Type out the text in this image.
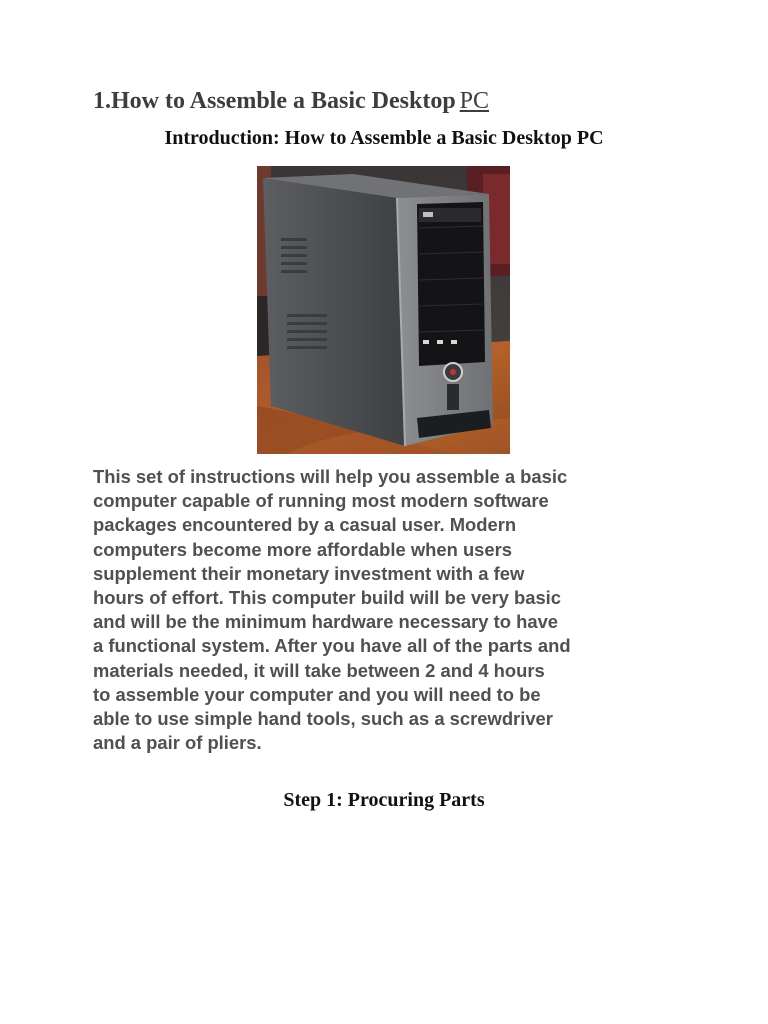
1.How to Assemble a Basic Desktop PC
Introduction: How to Assemble a Basic Desktop PC
This set of instructions will help you assemble a basic
computer capable of running most modern software
packages encountered by a casual user. Modern
computers become more affordable when users
supplement their monetary investment with a few
hours of effort. This computer build will be very basic
and will be the minimum hardware necessary to have
a functional system. After you have all of the parts and
materials needed, it will take between 2 and 4 hours
to assemble your computer and you will need to be
able to use simple hand tools, such as a screwdriver
and a pair of pliers.
Step 1: Procuring Parts
